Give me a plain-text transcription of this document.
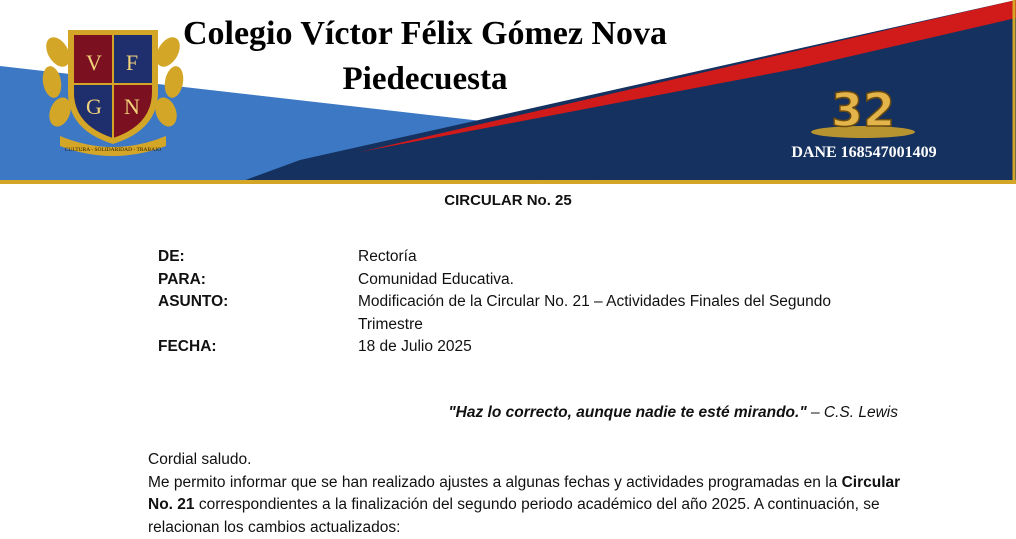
V F
G N
CULTURA - SOLIDARIDAD - TRABAJO
Colegio Víctor Félix Gómez Nova
Piedecuesta
32
DANE 168547001409
CIRCULAR No. 25
DE:	Rectoría
PARA:	Comunidad Educativa.
ASUNTO:	Modificación de la Circular No. 21 – Actividades Finales del Segundo Trimestre
FECHA:	18 de Julio 2025
"Haz lo correcto, aunque nadie te esté mirando." – C.S. Lewis

Cordial saludo.

Me permito informar que se han realizado ajustes a algunas fechas y actividades programadas en la Circular No. 21 correspondientes a la finalización del segundo periodo académico del año 2025. A continuación, se relacionan los cambios actualizados:
